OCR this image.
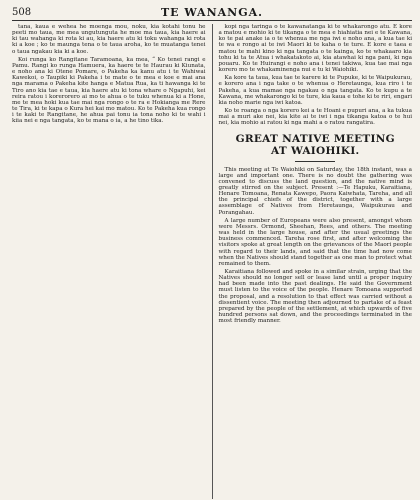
508	TE WANANGA.

tana, kaua e wehea he moenga mou, noku, kia kotahi tonu he peeti mo taua, me mea ungutunguta he moe ma taua, kia haere ai ki tau wahanga ki rota ki au, kia haere atu ki toku wahanga ki rota ki a koe ; ko te maunga tena o te taua aroha, ko te muatanga tenei o taua ngakau kia ki a koe.

Koi runga ko Rangitane Taramoana, ka mea, “ Ko tenei rangi e Pamu. Rangi ko runga Hamuera, ka haere te te Haurau ki Kiunata, e noho ana ki Otene Pomare, o Pakeha ka kanu atu i te Wahiwai Kawekoi, o Taupiki ki Pakeha i te mate o te mea e koe e mai ana nga marama o Pakeha kite hanga e Matua Rua, ka ti hawanga ki te Tiro ano kia tae e taua, kia haere atu ki tona whare o Ngapuhi, kei reira ratou i korerorero ai mo te ahua o te tuku whenua ki a Hone, me te mea hoki kua tae mai nga rongo o te ra e Hokianga me Rere te Tira, ki te kapa o Kura hei kai mo matou. Ko te Pakeha kua rongo i te kaki te Rangitane, he ahua pai tonu ia tona noho ki te wahi i kiia nei e nga tangata, ko te mana o ia, a he tino tika.

kopi nga taringa o te kawanatanga ki te whakarongo atu. E kore a matou e mohio ki te tikanga o te mea e hiahiatia nei e te Kawana, ko te pai anake ia o te whenua me nga iwi e noho ana, a kua tae ki te wa e rongo ai te iwi Maori ki te kaha o te ture. E kore e taea e matou te mahi kino ki nga tangata o te kainga, ko te whakaaro kia tohu ki ta te Atua i whakatakoto ai, kia atawhai ki nga pani, ki nga pouaru. Ko te Huirangi e noho ana i tenei takiwa, kua tae mai nga korero mo te whakaminenga nui e tu ki Waiohiki.

Ka kore ta taua, kua tae te karere ki te Pupuke, ki te Waipukurau, e korero ana i nga take o te whenua o Heretaunga, kua riro i te Pakeha, a kua mamae nga ngakau o nga tangata. Ko te kupu a te Kawana, me whakarongo ki te ture, kia kaua e tohe ki te riri, engari kia noho marie nga iwi katoa.

Ko te roanga o nga korero kei a te Hoani e pupuri ana, a ka tukua mai a muri ake nei, kia kite ai te iwi i nga tikanga katoa o te hui nei, kia mohio ai ratou ki nga mahi a o ratou rangatira.

GREAT NATIVE MEETING
AT WAIOHIKI.

This meeting at Te Waiohiki on Saturday, the 18th instant, was a large and important one. There is no doubt the gathering was convened to discuss the land question, and the native mind is greatly stirred on the subject. Present :—Te Hapuku, Karaitiana, Henare Tomoana, Renata Kawepo, Paora Kaiwhata, Tareha, and all the principal chiefs of the district, together with a large assemblage of Natives from Heretaunga, Waipukurau and Porangahau.

A large number of Europeans were also present, amongst whom were Messrs. Ormond, Sheehan, Rees, and others. The meeting was held in the large house, and after the usual greetings the business commenced. Tareha rose first, and after welcoming the visitors spoke at great length on the grievances of the Maori people with regard to their lands, and said that the time had now come when the Natives should stand together as one man to protect what remained to them.

Karaitiana followed and spoke in a similar strain, urging that the Natives should no longer sell or lease land until a proper inquiry had been made into the past dealings. He said the Government must listen to the voice of the people. Henare Tomoana supported the proposal, and a resolution to that effect was carried without a dissentient voice. The meeting then adjourned to partake of a feast prepared by the people of the settlement, at which upwards of five hundred persons sat down, and the proceedings terminated in the most friendly manner.
